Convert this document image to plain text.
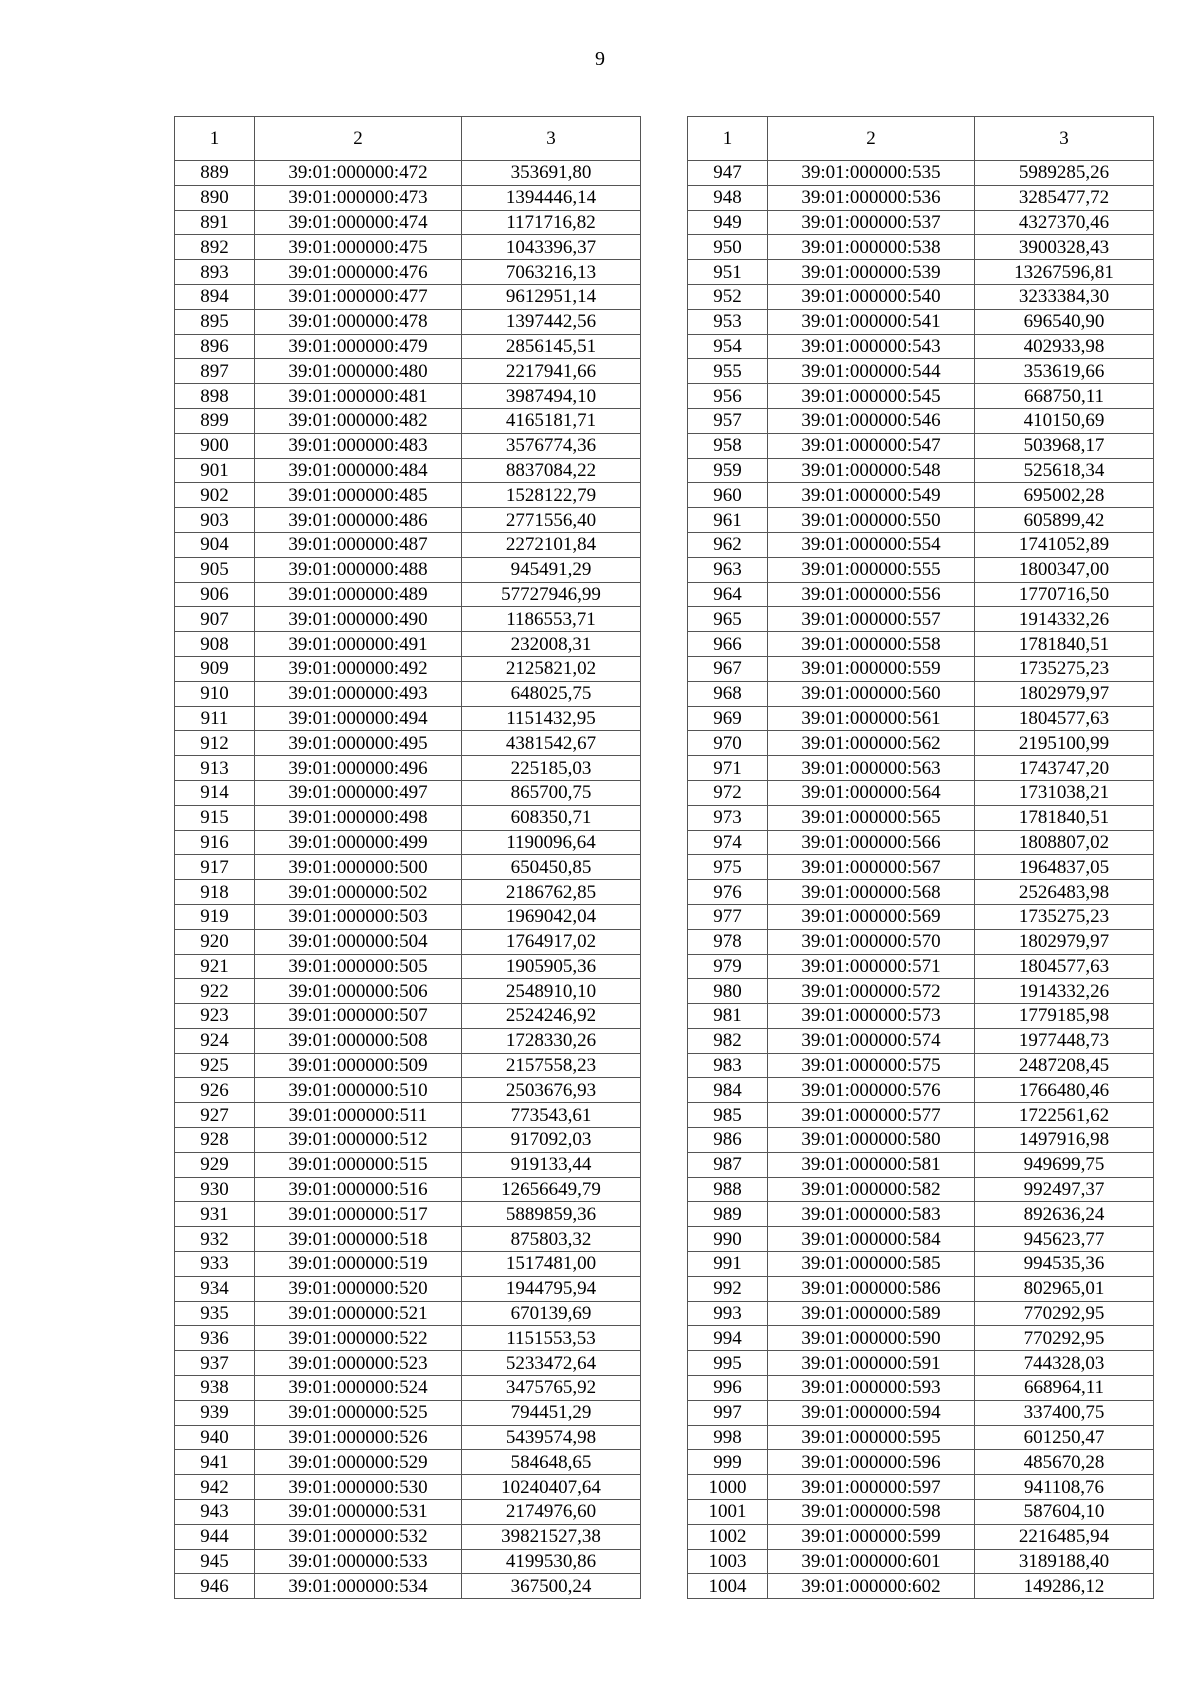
9
1	2	3
889	39:01:000000:472	353691,80
890	39:01:000000:473	1394446,14
891	39:01:000000:474	1171716,82
892	39:01:000000:475	1043396,37
893	39:01:000000:476	7063216,13
894	39:01:000000:477	9612951,14
895	39:01:000000:478	1397442,56
896	39:01:000000:479	2856145,51
897	39:01:000000:480	2217941,66
898	39:01:000000:481	3987494,10
899	39:01:000000:482	4165181,71
900	39:01:000000:483	3576774,36
901	39:01:000000:484	8837084,22
902	39:01:000000:485	1528122,79
903	39:01:000000:486	2771556,40
904	39:01:000000:487	2272101,84
905	39:01:000000:488	945491,29
906	39:01:000000:489	57727946,99
907	39:01:000000:490	1186553,71
908	39:01:000000:491	232008,31
909	39:01:000000:492	2125821,02
910	39:01:000000:493	648025,75
911	39:01:000000:494	1151432,95
912	39:01:000000:495	4381542,67
913	39:01:000000:496	225185,03
914	39:01:000000:497	865700,75
915	39:01:000000:498	608350,71
916	39:01:000000:499	1190096,64
917	39:01:000000:500	650450,85
918	39:01:000000:502	2186762,85
919	39:01:000000:503	1969042,04
920	39:01:000000:504	1764917,02
921	39:01:000000:505	1905905,36
922	39:01:000000:506	2548910,10
923	39:01:000000:507	2524246,92
924	39:01:000000:508	1728330,26
925	39:01:000000:509	2157558,23
926	39:01:000000:510	2503676,93
927	39:01:000000:511	773543,61
928	39:01:000000:512	917092,03
929	39:01:000000:515	919133,44
930	39:01:000000:516	12656649,79
931	39:01:000000:517	5889859,36
932	39:01:000000:518	875803,32
933	39:01:000000:519	1517481,00
934	39:01:000000:520	1944795,94
935	39:01:000000:521	670139,69
936	39:01:000000:522	1151553,53
937	39:01:000000:523	5233472,64
938	39:01:000000:524	3475765,92
939	39:01:000000:525	794451,29
940	39:01:000000:526	5439574,98
941	39:01:000000:529	584648,65
942	39:01:000000:530	10240407,64
943	39:01:000000:531	2174976,60
944	39:01:000000:532	39821527,38
945	39:01:000000:533	4199530,86
946	39:01:000000:534	367500,24
1	2	3
947	39:01:000000:535	5989285,26
948	39:01:000000:536	3285477,72
949	39:01:000000:537	4327370,46
950	39:01:000000:538	3900328,43
951	39:01:000000:539	13267596,81
952	39:01:000000:540	3233384,30
953	39:01:000000:541	696540,90
954	39:01:000000:543	402933,98
955	39:01:000000:544	353619,66
956	39:01:000000:545	668750,11
957	39:01:000000:546	410150,69
958	39:01:000000:547	503968,17
959	39:01:000000:548	525618,34
960	39:01:000000:549	695002,28
961	39:01:000000:550	605899,42
962	39:01:000000:554	1741052,89
963	39:01:000000:555	1800347,00
964	39:01:000000:556	1770716,50
965	39:01:000000:557	1914332,26
966	39:01:000000:558	1781840,51
967	39:01:000000:559	1735275,23
968	39:01:000000:560	1802979,97
969	39:01:000000:561	1804577,63
970	39:01:000000:562	2195100,99
971	39:01:000000:563	1743747,20
972	39:01:000000:564	1731038,21
973	39:01:000000:565	1781840,51
974	39:01:000000:566	1808807,02
975	39:01:000000:567	1964837,05
976	39:01:000000:568	2526483,98
977	39:01:000000:569	1735275,23
978	39:01:000000:570	1802979,97
979	39:01:000000:571	1804577,63
980	39:01:000000:572	1914332,26
981	39:01:000000:573	1779185,98
982	39:01:000000:574	1977448,73
983	39:01:000000:575	2487208,45
984	39:01:000000:576	1766480,46
985	39:01:000000:577	1722561,62
986	39:01:000000:580	1497916,98
987	39:01:000000:581	949699,75
988	39:01:000000:582	992497,37
989	39:01:000000:583	892636,24
990	39:01:000000:584	945623,77
991	39:01:000000:585	994535,36
992	39:01:000000:586	802965,01
993	39:01:000000:589	770292,95
994	39:01:000000:590	770292,95
995	39:01:000000:591	744328,03
996	39:01:000000:593	668964,11
997	39:01:000000:594	337400,75
998	39:01:000000:595	601250,47
999	39:01:000000:596	485670,28
1000	39:01:000000:597	941108,76
1001	39:01:000000:598	587604,10
1002	39:01:000000:599	2216485,94
1003	39:01:000000:601	3189188,40
1004	39:01:000000:602	149286,12
